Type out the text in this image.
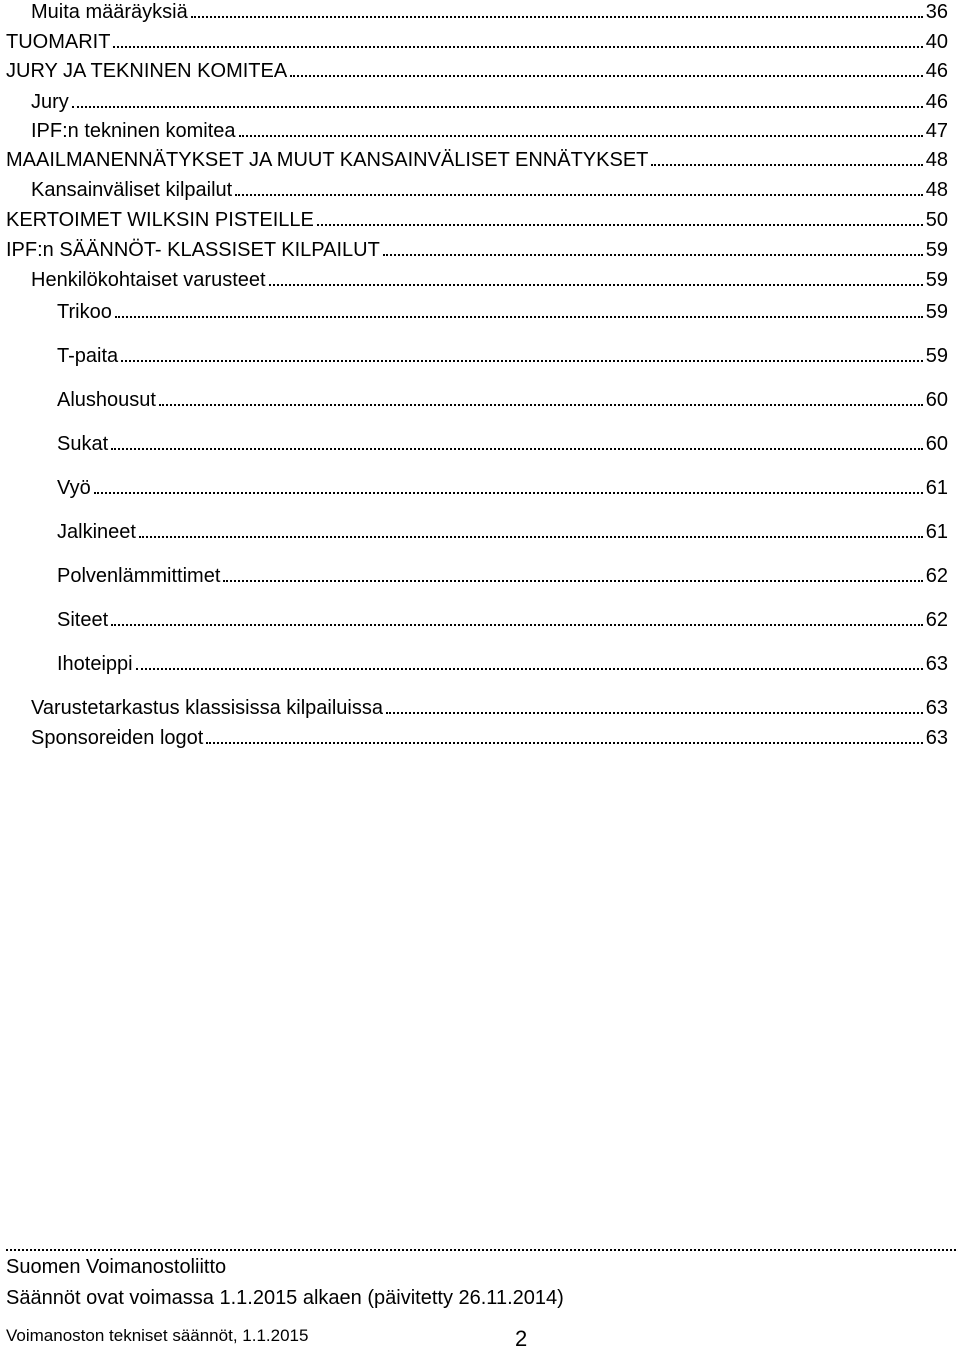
Muita määräyksiä	36
TUOMARIT	40
JURY JA TEKNINEN KOMITEA	46
Jury	46
IPF:n tekninen komitea	47
MAAILMANENNÄTYKSET JA MUUT KANSAINVÄLISET ENNÄTYKSET	48
Kansainväliset kilpailut	48
KERTOIMET WILKSIN PISTEILLE	50
IPF:n SÄÄNNÖT- KLASSISET KILPAILUT	59
Henkilökohtaiset varusteet	59
Trikoo	59
T-paita	59
Alushousut	60
Sukat	60
Vyö	61
Jalkineet	61
Polvenlämmittimet	62
Siteet	62
Ihoteippi	63
Varustetarkastus klassisissa kilpailuissa	63
Sponsoreiden logot	63
Suomen Voimanostoliitto
Säännöt ovat voimassa 1.1.2015 alkaen (päivitetty 26.11.2014)
Voimanoston tekniset säännöt, 1.1.2015	2
